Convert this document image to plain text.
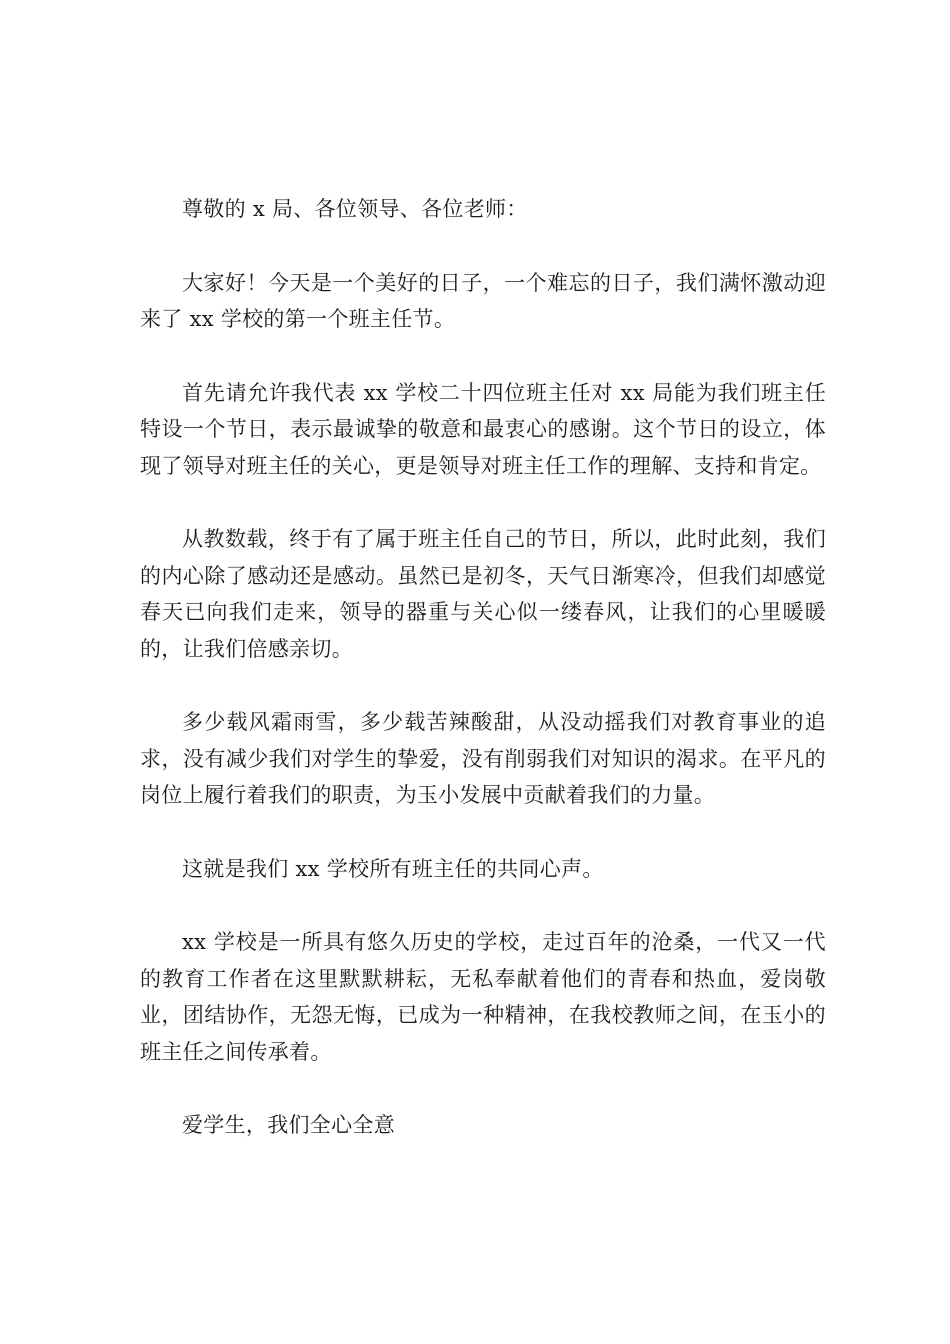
尊敬的 x 局、各位领导、各位老师：

大家好！今天是一个美好的日子，一个难忘的日子，我们满怀激动迎来了 xx 学校的第一个班主任节。

首先请允许我代表 xx 学校二十四位班主任对 xx 局能为我们班主任特设一个节日，表示最诚挚的敬意和最衷心的感谢。这个节日的设立，体现了领导对班主任的关心，更是领导对班主任工作的理解、支持和肯定。

从教数载，终于有了属于班主任自己的节日，所以，此时此刻，我们的内心除了感动还是感动。虽然已是初冬，天气日渐寒冷，但我们却感觉春天已向我们走来，领导的器重与关心似一缕春风，让我们的心里暖暖的，让我们倍感亲切。

多少载风霜雨雪，多少载苦辣酸甜，从没动摇我们对教育事业的追求，没有减少我们对学生的挚爱，没有削弱我们对知识的渴求。在平凡的岗位上履行着我们的职责，为玉小发展中贡献着我们的力量。

这就是我们 xx 学校所有班主任的共同心声。

xx 学校是一所具有悠久历史的学校，走过百年的沧桑，一代又一代的教育工作者在这里默默耕耘，无私奉献着他们的青春和热血，爱岗敬业，团结协作，无怨无悔，已成为一种精神，在我校教师之间，在玉小的班主任之间传承着。

爱学生，我们全心全意
